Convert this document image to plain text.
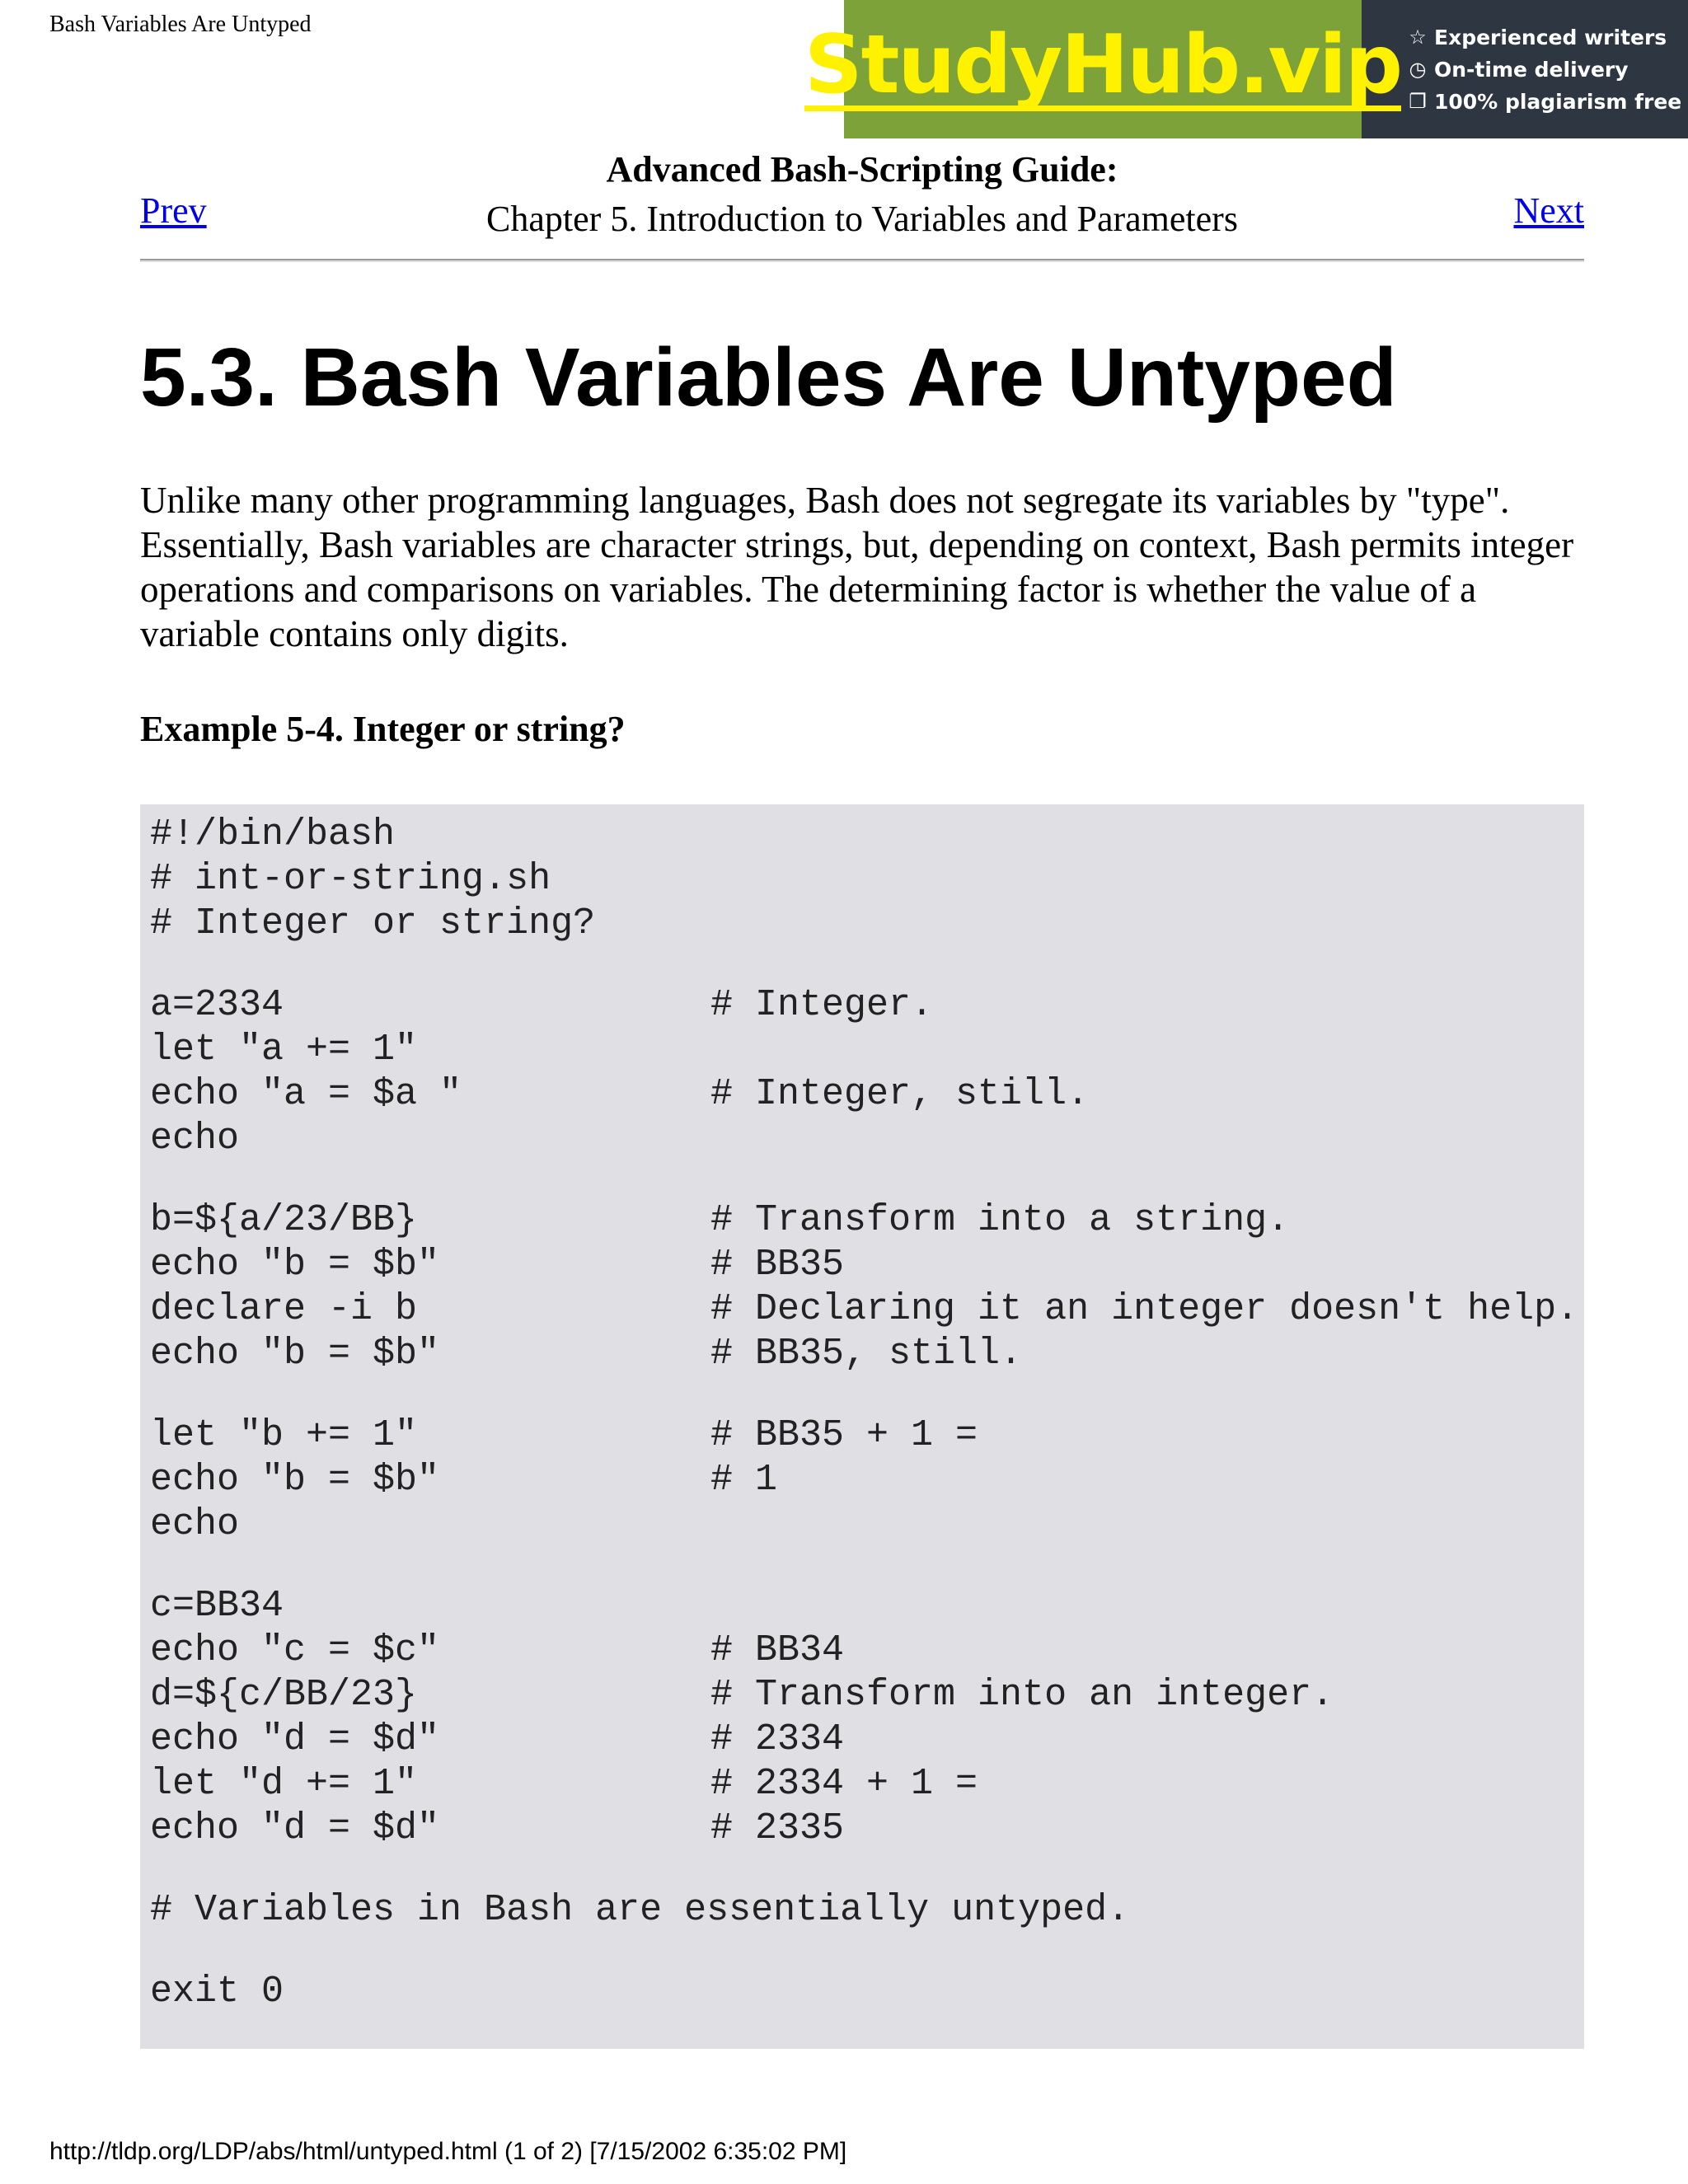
Bash Variables Are Untyped	StudyHub.vip ☆ Experienced writers
◷ On-time delivery
❐ 100% plagiarism free
Advanced Bash-Scripting Guide:
Chapter 5. Introduction to Variables and Parameters
Prev	Next
5.3. Bash Variables Are Untyped

Unlike many other programming languages, Bash does not segregate its variables by "type". Essentially, Bash variables are character strings, but, depending on context, Bash permits integer operations and comparisons on variables. The determining factor is whether the value of a variable contains only digits.

Example 5-4. Integer or string?

#!/bin/bash
# int-or-string.sh
# Integer or string?
a=2334	# Integer.
let "a += 1"
echo "a = $a "	# Integer, still.
echo
b=${a/23/BB}	# Transform into a string.
echo "b = $b"	# BB35
declare -i b	# Declaring it an integer doesn't help.
echo "b = $b"	# BB35, still.
let "b += 1"	# BB35 + 1 =
echo "b = $b"	# 1
echo
c=BB34
echo "c = $c"	# BB34
d=${c/BB/23}	# Transform into an integer.
echo "d = $d"	# 2334
let "d += 1"	# 2334 + 1 =
echo "d = $d"	# 2335
# Variables in Bash are essentially untyped.
exit 0
http://tldp.org/LDP/abs/html/untyped.html (1 of 2) [7/15/2002 6:35:02 PM]
